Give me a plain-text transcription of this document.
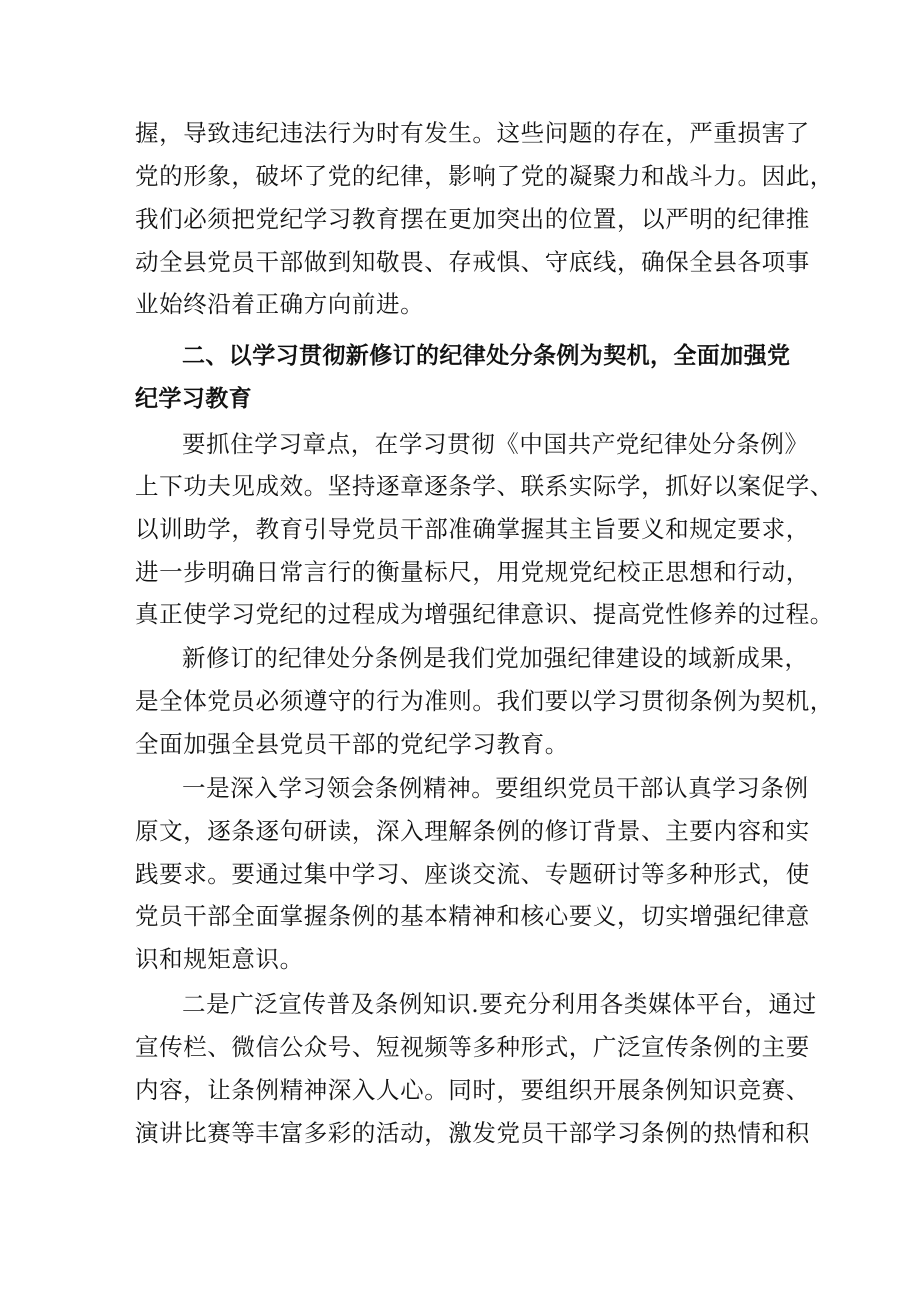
握，导致违纪违法行为时有发生。这些问题的存在，严重损害了
党的形象，破坏了党的纪律，影响了党的凝聚力和战斗力。因此，
我们必须把党纪学习教育摆在更加突出的位置，以严明的纪律推
动全县党员干部做到知敬畏、存戒惧、守底线，确保全县各项事
业始终沿着正确方向前进。
二、以学习贯彻新修订的纪律处分条例为契机，全面加强党
纪学习教育
要抓住学习章点，在学习贯彻《中国共产党纪律处分条例》
上下功夫见成效。坚持逐章逐条学、联系实际学，抓好以案促学、
以训助学，教育引导党员干部准确掌握其主旨要义和规定要求，
进一步明确日常言行的衡量标尺，用党规党纪校正思想和行动，
真正使学习党纪的过程成为增强纪律意识、提高党性修养的过程。
新修订的纪律处分条例是我们党加强纪律建设的域新成果，
是全体党员必须遵守的行为准则。我们要以学习贯彻条例为契机，
全面加强全县党员干部的党纪学习教育。
一是深入学习领会条例精神。要组织党员干部认真学习条例
原文，逐条逐句研读，深入理解条例的修订背景、主要内容和实
践要求。要通过集中学习、座谈交流、专题研讨等多种形式，使
党员干部全面掌握条例的基本精神和核心要义，切实增强纪律意
识和规矩意识。
二是广泛宣传普及条例知识.要充分利用各类媒体平台，通过
宣传栏、微信公众号、短视频等多种形式，广泛宣传条例的主要
内容，让条例精神深入人心。同时，要组织开展条例知识竞赛、
演讲比赛等丰富多彩的活动，激发党员干部学习条例的热情和积
